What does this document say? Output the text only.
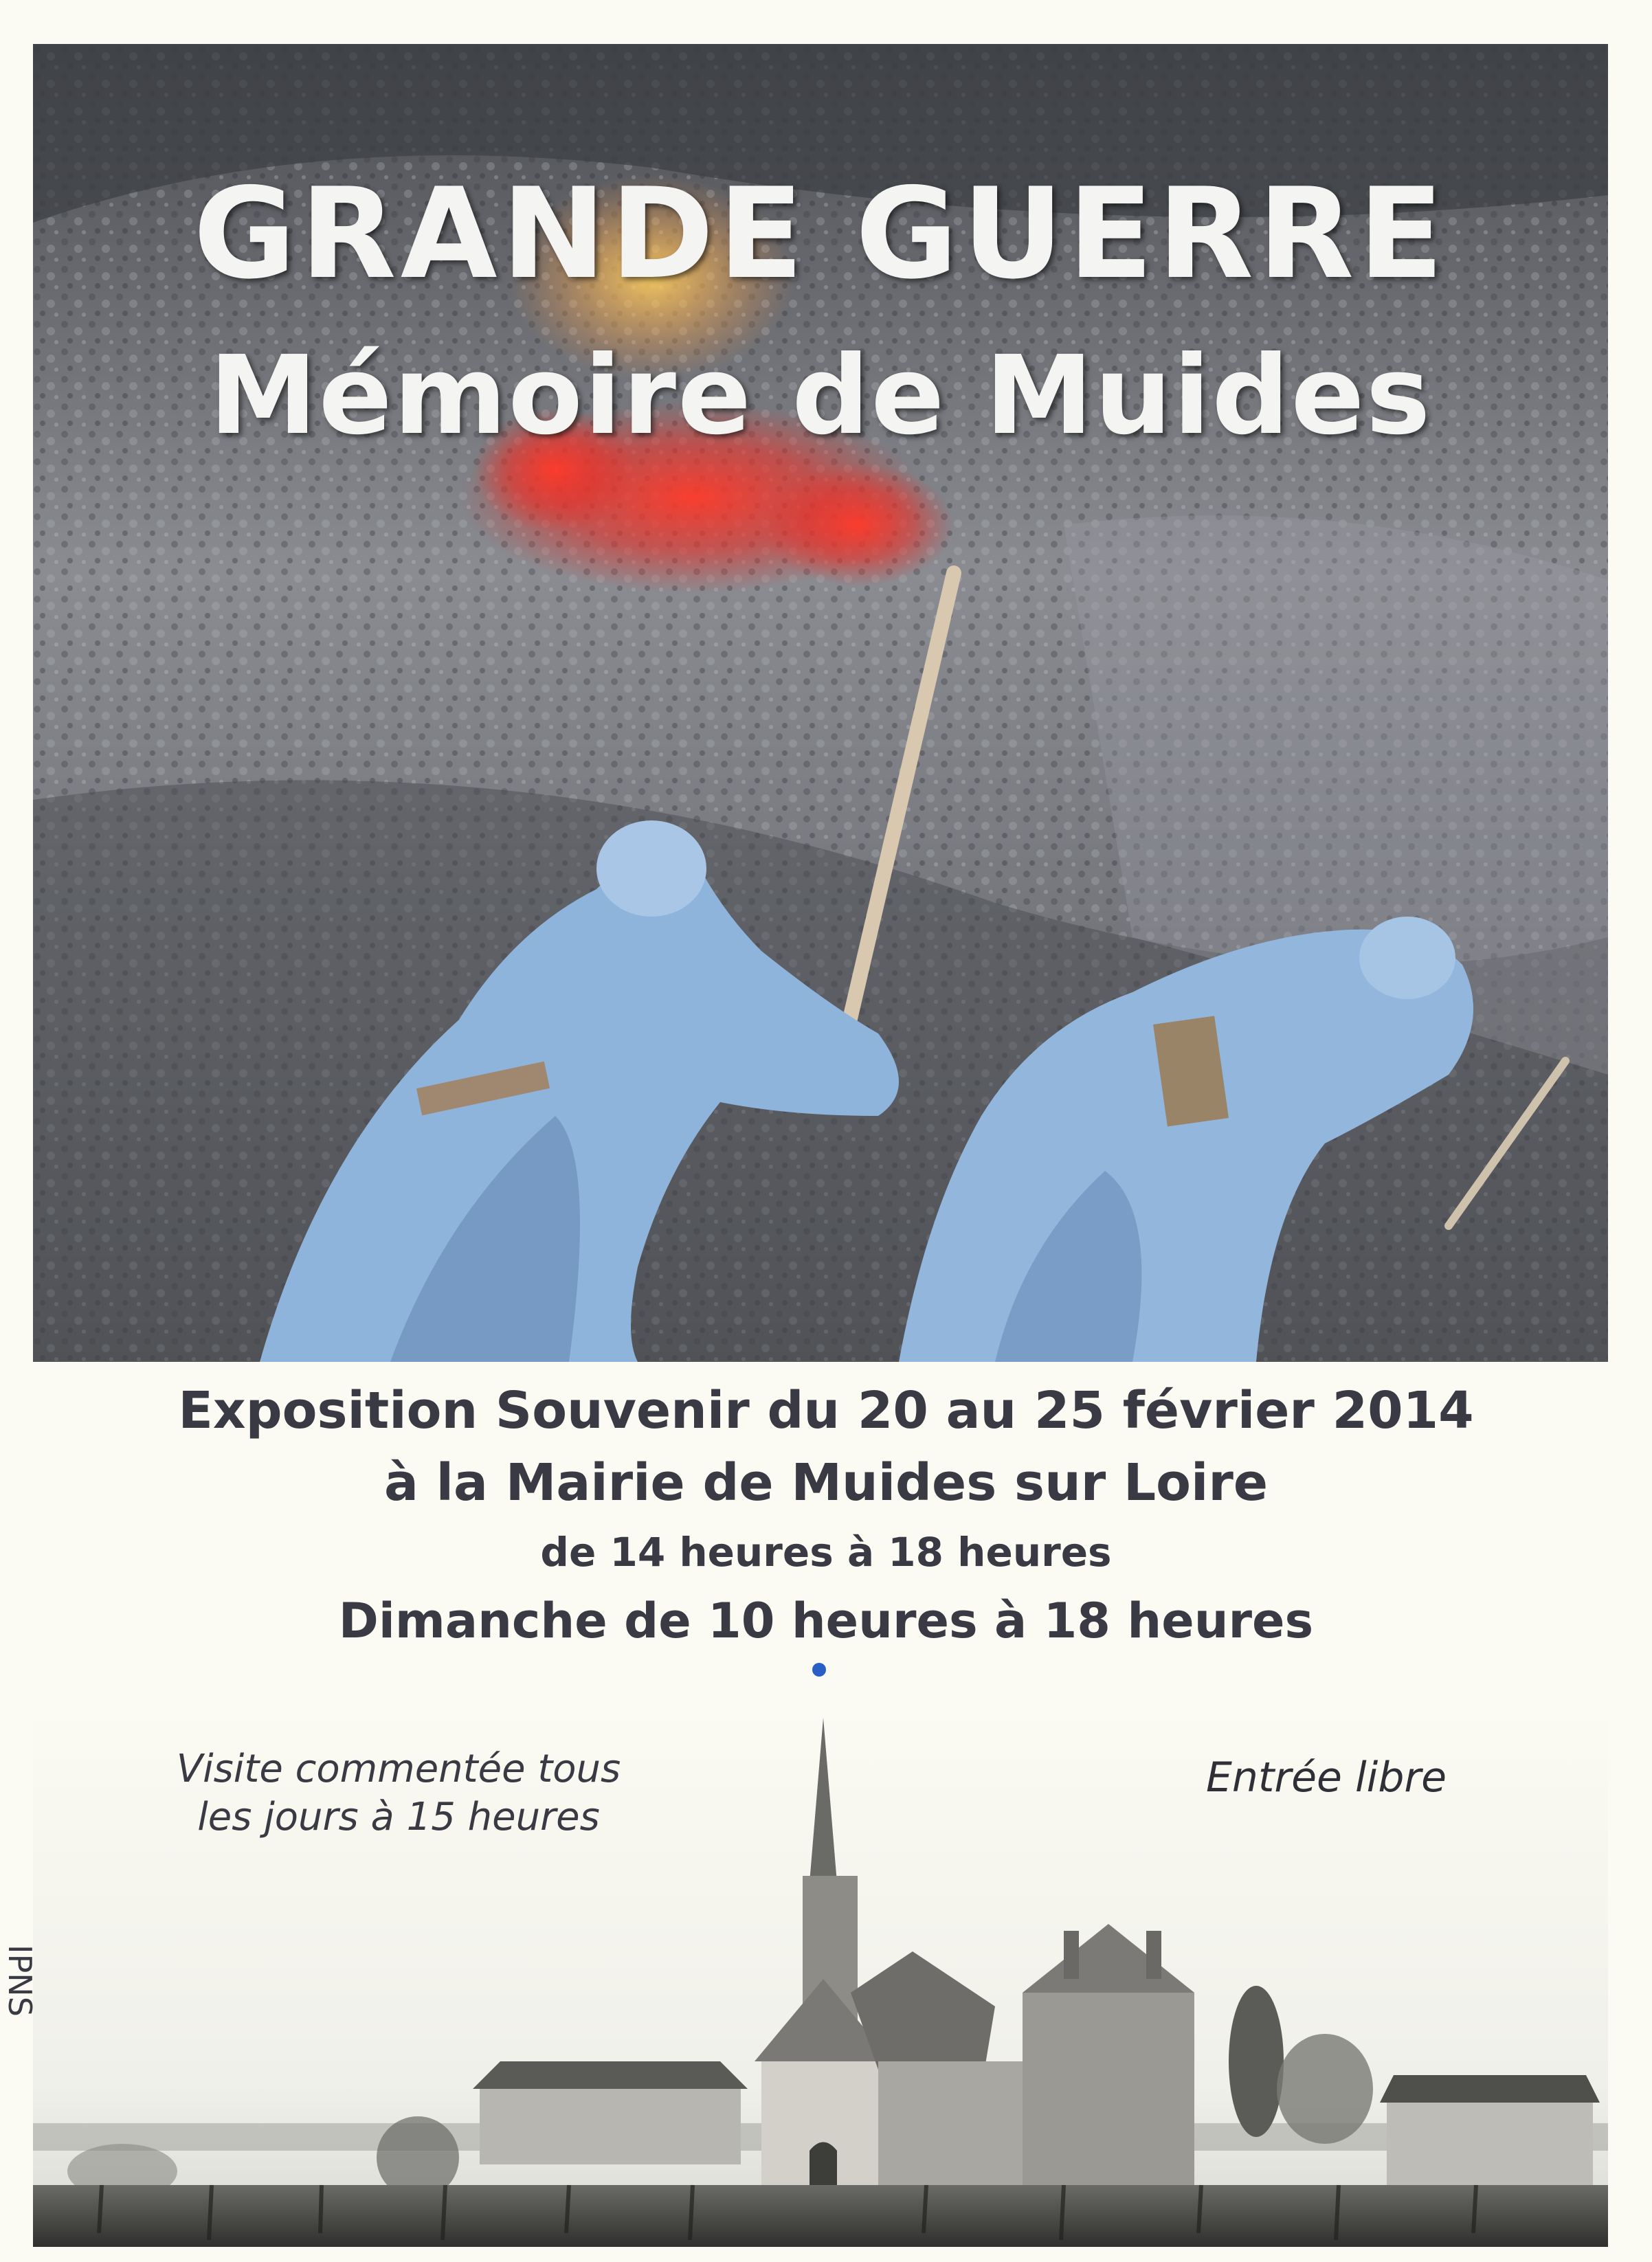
GRANDE GUERRE
Mémoire de Muides
Exposition Souvenir du 20 au 25 février 2014
à la Mairie de Muides sur Loire
de 14 heures à 18 heures
Dimanche de 10 heures à 18 heures
Visite commentée tous
les jours à 15 heures
Entrée libre
IPNS
